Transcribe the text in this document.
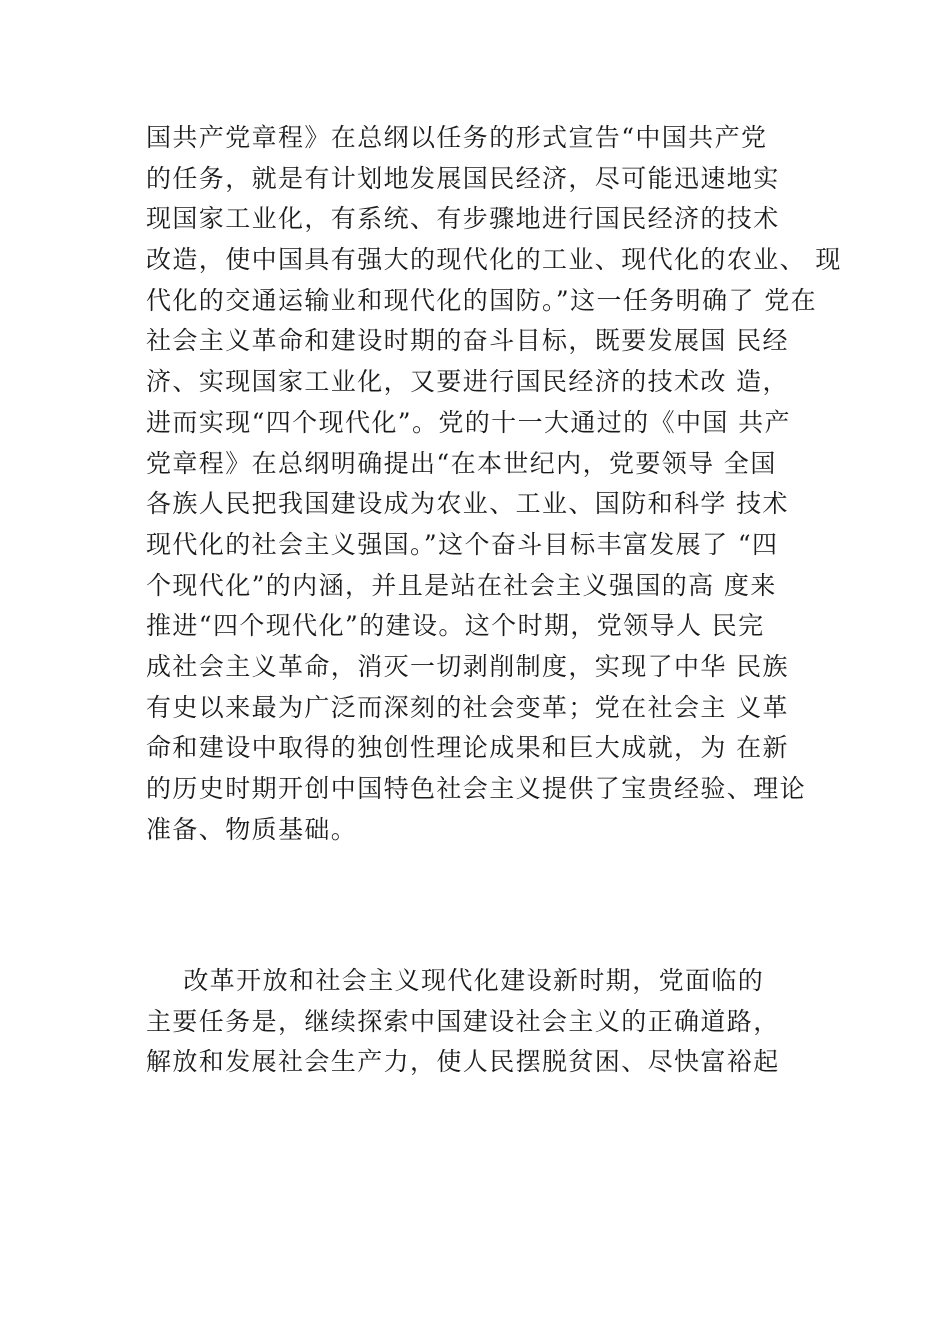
国共产党章程》在总纲以任务的形式宣告“中国共产党
的任务，就是有计划地发展国民经济，尽可能迅速地实
现国家工业化，有系统、有步骤地进行国民经济的技术
改造，使中国具有强大的现代化的工业、现代化的农业、 现
代化的交通运输业和现代化的国防。”这一任务明确了 党在
社会主义革命和建设时期的奋斗目标，既要发展国 民经
济、实现国家工业化，又要进行国民经济的技术改 造，
进而实现“四个现代化”。党的十一大通过的《中国 共产
党章程》在总纲明确提出“在本世纪内，党要领导 全国
各族人民把我国建设成为农业、工业、国防和科学 技术
现代化的社会主义强国。”这个奋斗目标丰富发展了 “四
个现代化”的内涵，并且是站在社会主义强国的高 度来
推进“四个现代化”的建设。这个时期，党领导人 民完
成社会主义革命，消灭一切剥削制度，实现了中华 民族
有史以来最为广泛而深刻的社会变革；党在社会主 义革
命和建设中取得的独创性理论成果和巨大成就，为 在新
的历史时期开创中国特色社会主义提供了宝贵经验、理论
准备、物质基础。
改革开放和社会主义现代化建设新时期，党面临的
主要任务是，继续探索中国建设社会主义的正确道路，
解放和发展社会生产力，使人民摆脱贫困、尽快富裕起
